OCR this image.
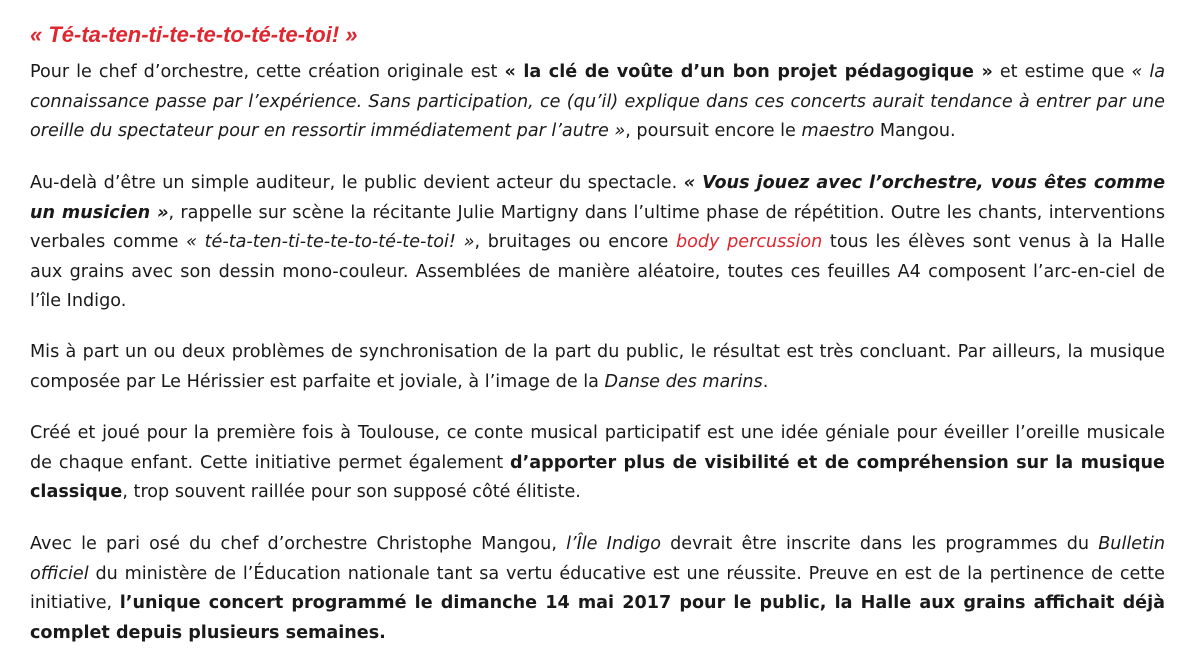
« Té-ta-ten-ti-te-te-to-té-te-toi! »

Pour le chef d’orchestre, cette création originale est « la clé de voûte d’un bon projet pédagogique » et estime que « la connaissance passe par l’expérience. Sans participation, ce (qu’il) explique dans ces concerts aurait tendance à entrer par une oreille du spectateur pour en ressortir immédiatement par l’autre », poursuit encore le maestro Mangou.

Au-delà d’être un simple auditeur, le public devient acteur du spectacle. « Vous jouez avec l’orchestre, vous êtes comme un musicien », rappelle sur scène la récitante Julie Martigny dans l’ultime phase de répétition. Outre les chants, interventions verbales comme « té-ta-ten-ti-te-te-to-té-te-toi! », bruitages ou encore body percussion tous les élèves sont venus à la Halle aux grains avec son dessin mono-couleur. Assemblées de manière aléatoire, toutes ces feuilles A4 composent l’arc-en-ciel de l’île Indigo.

Mis à part un ou deux problèmes de synchronisation de la part du public, le résultat est très concluant. Par ailleurs, la musique composée par Le Hérissier est parfaite et joviale, à l’image de la Danse des marins.

Créé et joué pour la première fois à Toulouse, ce conte musical participatif est une idée géniale pour éveiller l’oreille musicale de chaque enfant. Cette initiative permet également d’apporter plus de visibilité et de compréhension sur la musique classique, trop souvent raillée pour son supposé côté élitiste.

Avec le pari osé du chef d’orchestre Christophe Mangou, l’Île Indigo devrait être inscrite dans les programmes du Bulletin officiel du ministère de l’Éducation nationale tant sa vertu éducative est une réussite. Preuve en est de la pertinence de cette initiative, l’unique concert programmé le dimanche 14 mai 2017 pour le public, la Halle aux grains affichait déjà complet depuis plusieurs semaines.
